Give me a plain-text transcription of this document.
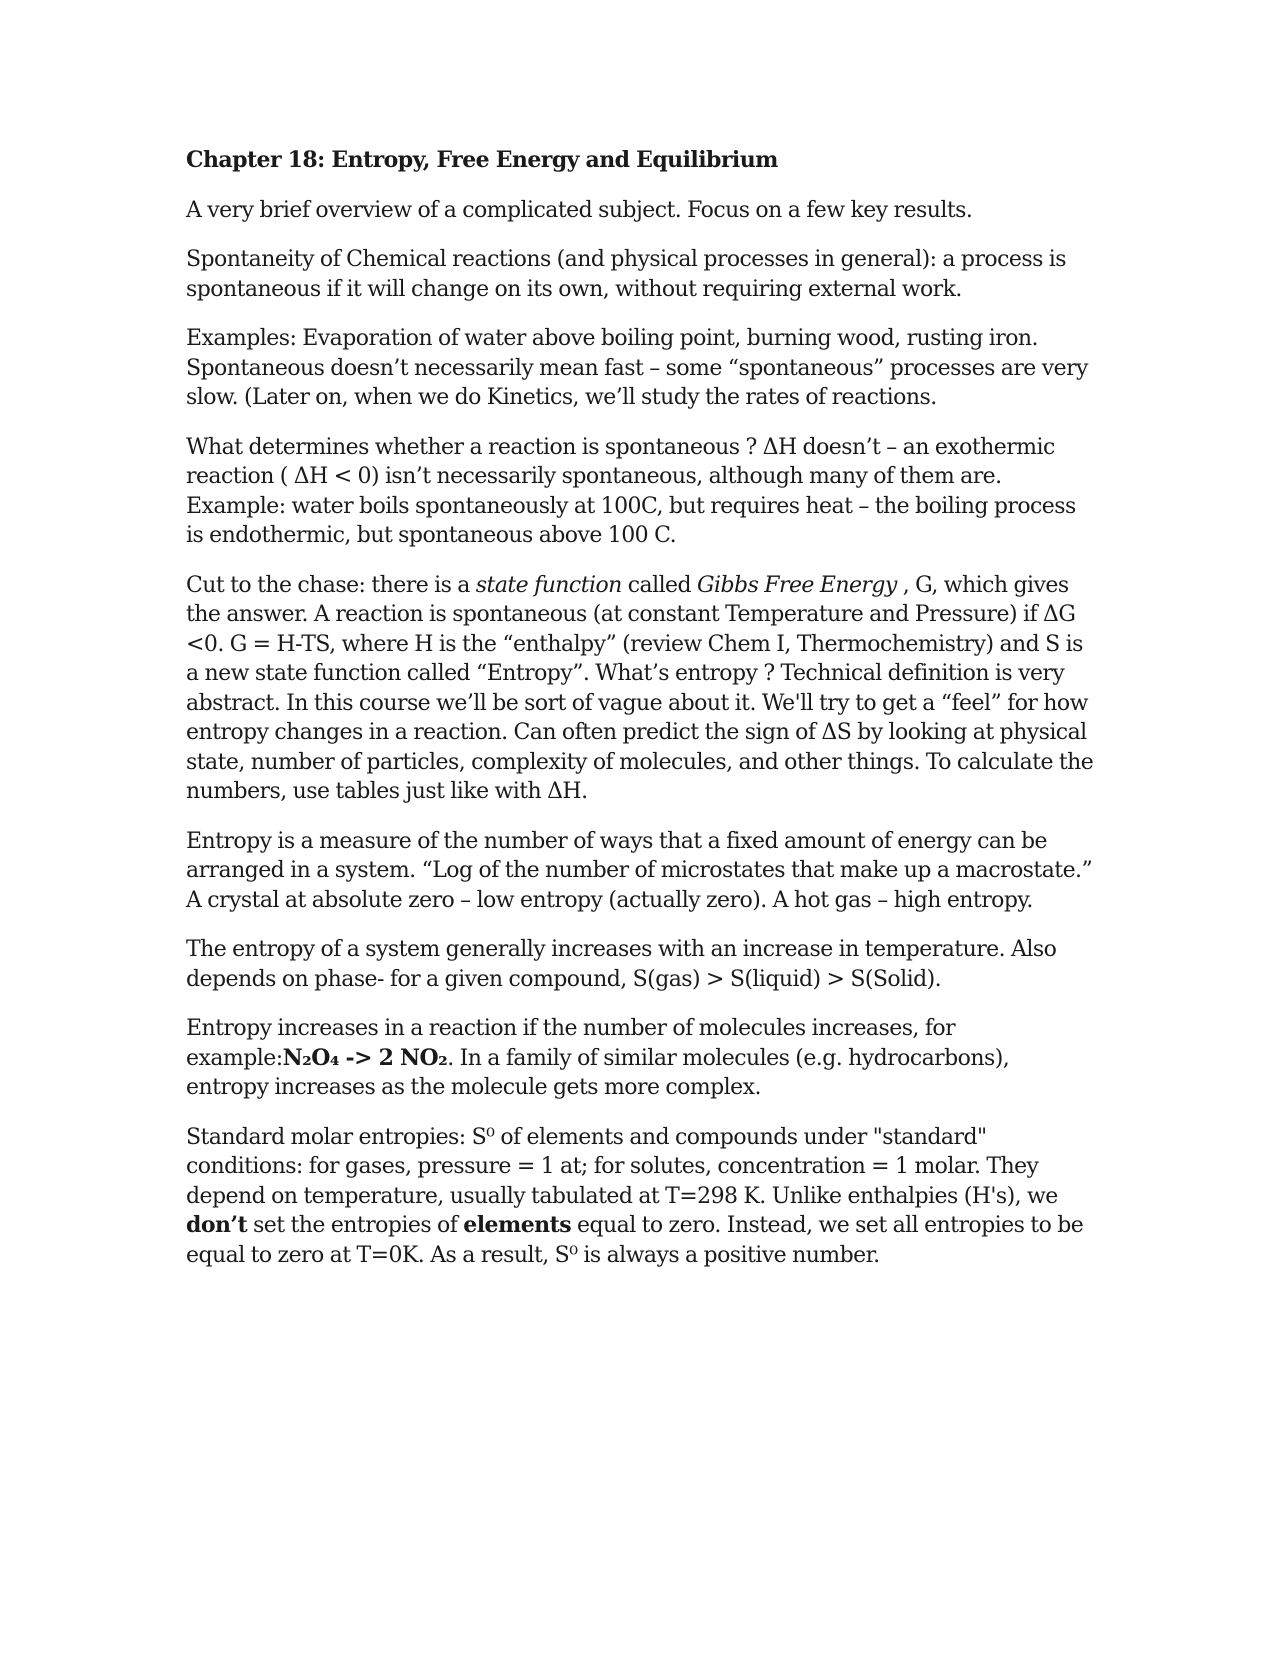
Chapter 18: Entropy, Free Energy and Equilibrium

A very brief overview of a complicated subject. Focus on a few key results.

Spontaneity of Chemical reactions (and physical processes in general): a process is spontaneous if it will change on its own, without requiring external work.

Examples: Evaporation of water above boiling point, burning wood, rusting iron. Spontaneous doesn’t necessarily mean fast – some “spontaneous” processes are very slow. (Later on, when we do Kinetics, we’ll study the rates of reactions.

What determines whether a reaction is spontaneous ? ΔH doesn’t – an exothermic reaction ( ΔH < 0) isn’t necessarily spontaneous, although many of them are. Example: water boils spontaneously at 100C, but requires heat – the boiling process is endothermic, but spontaneous above 100 C.

Cut to the chase: there is a state function called Gibbs Free Energy , G, which gives the answer. A reaction is spontaneous (at constant Temperature and Pressure) if ΔG <0. G = H-TS, where H is the “enthalpy” (review Chem I, Thermochemistry) and S is a new state function called “Entropy”. What’s entropy ? Technical definition is very abstract. In this course we’ll be sort of vague about it. We'll try to get a “feel” for how entropy changes in a reaction. Can often predict the sign of ΔS by looking at physical state, number of particles, complexity of molecules, and other things. To calculate the numbers, use tables just like with ΔH.

Entropy is a measure of the number of ways that a fixed amount of energy can be arranged in a system. “Log of the number of microstates that make up a macrostate.” A crystal at absolute zero – low entropy (actually zero). A hot gas – high entropy.

The entropy of a system generally increases with an increase in temperature. Also depends on phase- for a given compound, S(gas) > S(liquid) > S(Solid).

Entropy increases in a reaction if the number of molecules increases, for example:N₂O₄ -> 2 NO₂. In a family of similar molecules (e.g. hydrocarbons), entropy increases as the molecule gets more complex.

Standard molar entropies: S⁰ of elements and compounds under "standard" conditions: for gases, pressure = 1 at; for solutes, concentration = 1 molar. They depend on temperature, usually tabulated at T=298 K. Unlike enthalpies (H's), we don’t set the entropies of elements equal to zero. Instead, we set all entropies to be equal to zero at T=0K. As a result, S⁰ is always a positive number.
